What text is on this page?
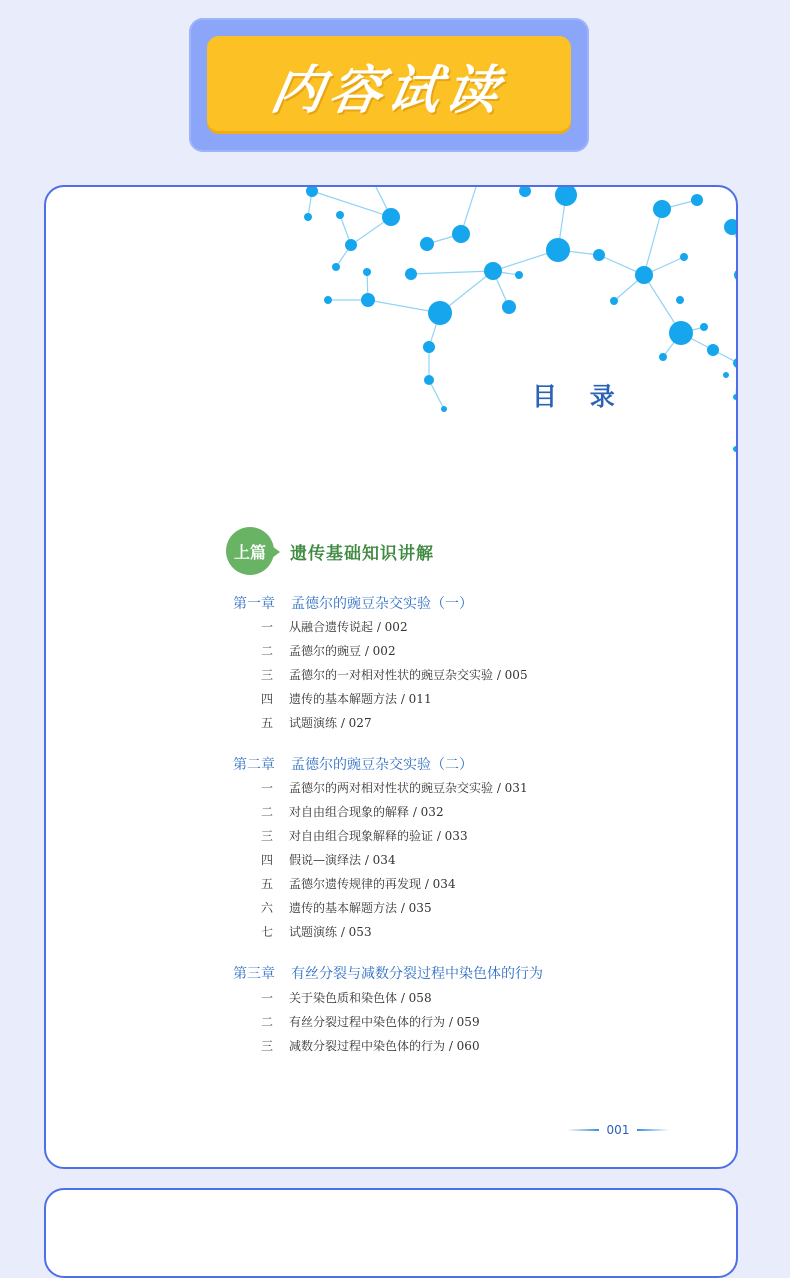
内容试读
目 录
上篇	遗传基础知识讲解
第一章 孟德尔的豌豆杂交实验（一）
一 从融合遗传说起 / 002
二 孟德尔的豌豆 / 002
三 孟德尔的一对相对性状的豌豆杂交实验 / 005
四 遗传的基本解题方法 / 011
五 试题演练 / 027
第二章 孟德尔的豌豆杂交实验（二）
一 孟德尔的两对相对性状的豌豆杂交实验 / 031
二 对自由组合现象的解释 / 032
三 对自由组合现象解释的验证 / 033
四 假说—演绎法 / 034
五 孟德尔遗传规律的再发现 / 034
六 遗传的基本解题方法 / 035
七 试题演练 / 053
第三章 有丝分裂与减数分裂过程中染色体的行为
一 关于染色质和染色体 / 058
二 有丝分裂过程中染色体的行为 / 059
三 减数分裂过程中染色体的行为 / 060
001
